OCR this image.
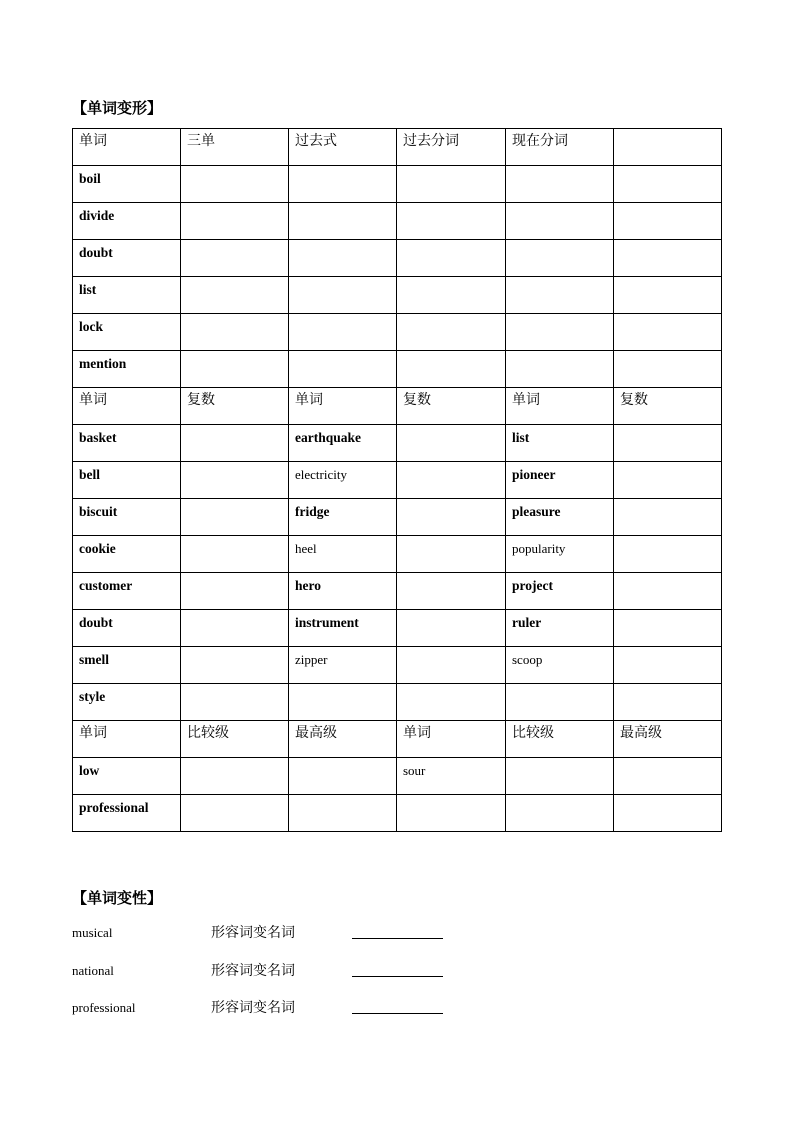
【单词变形】
单词	三单	过去式	过去分词	现在分词	

boil					

divide					

doubt					

list					

lock					

mention					

单词	复数	单词	复数	单词	复数

basket		earthquake		list	

bell		electricity		pioneer	

biscuit		fridge		pleasure	

cookie		heel		popularity	

customer		hero		project	

doubt		instrument		ruler	

smell		zipper		scoop	

style					

单词	比较级	最高级	单词	比较级	最高级

low			sour		

professional					

【单词变性】
musical	形容词变名词
national	形容词变名词
professional	形容词变名词
